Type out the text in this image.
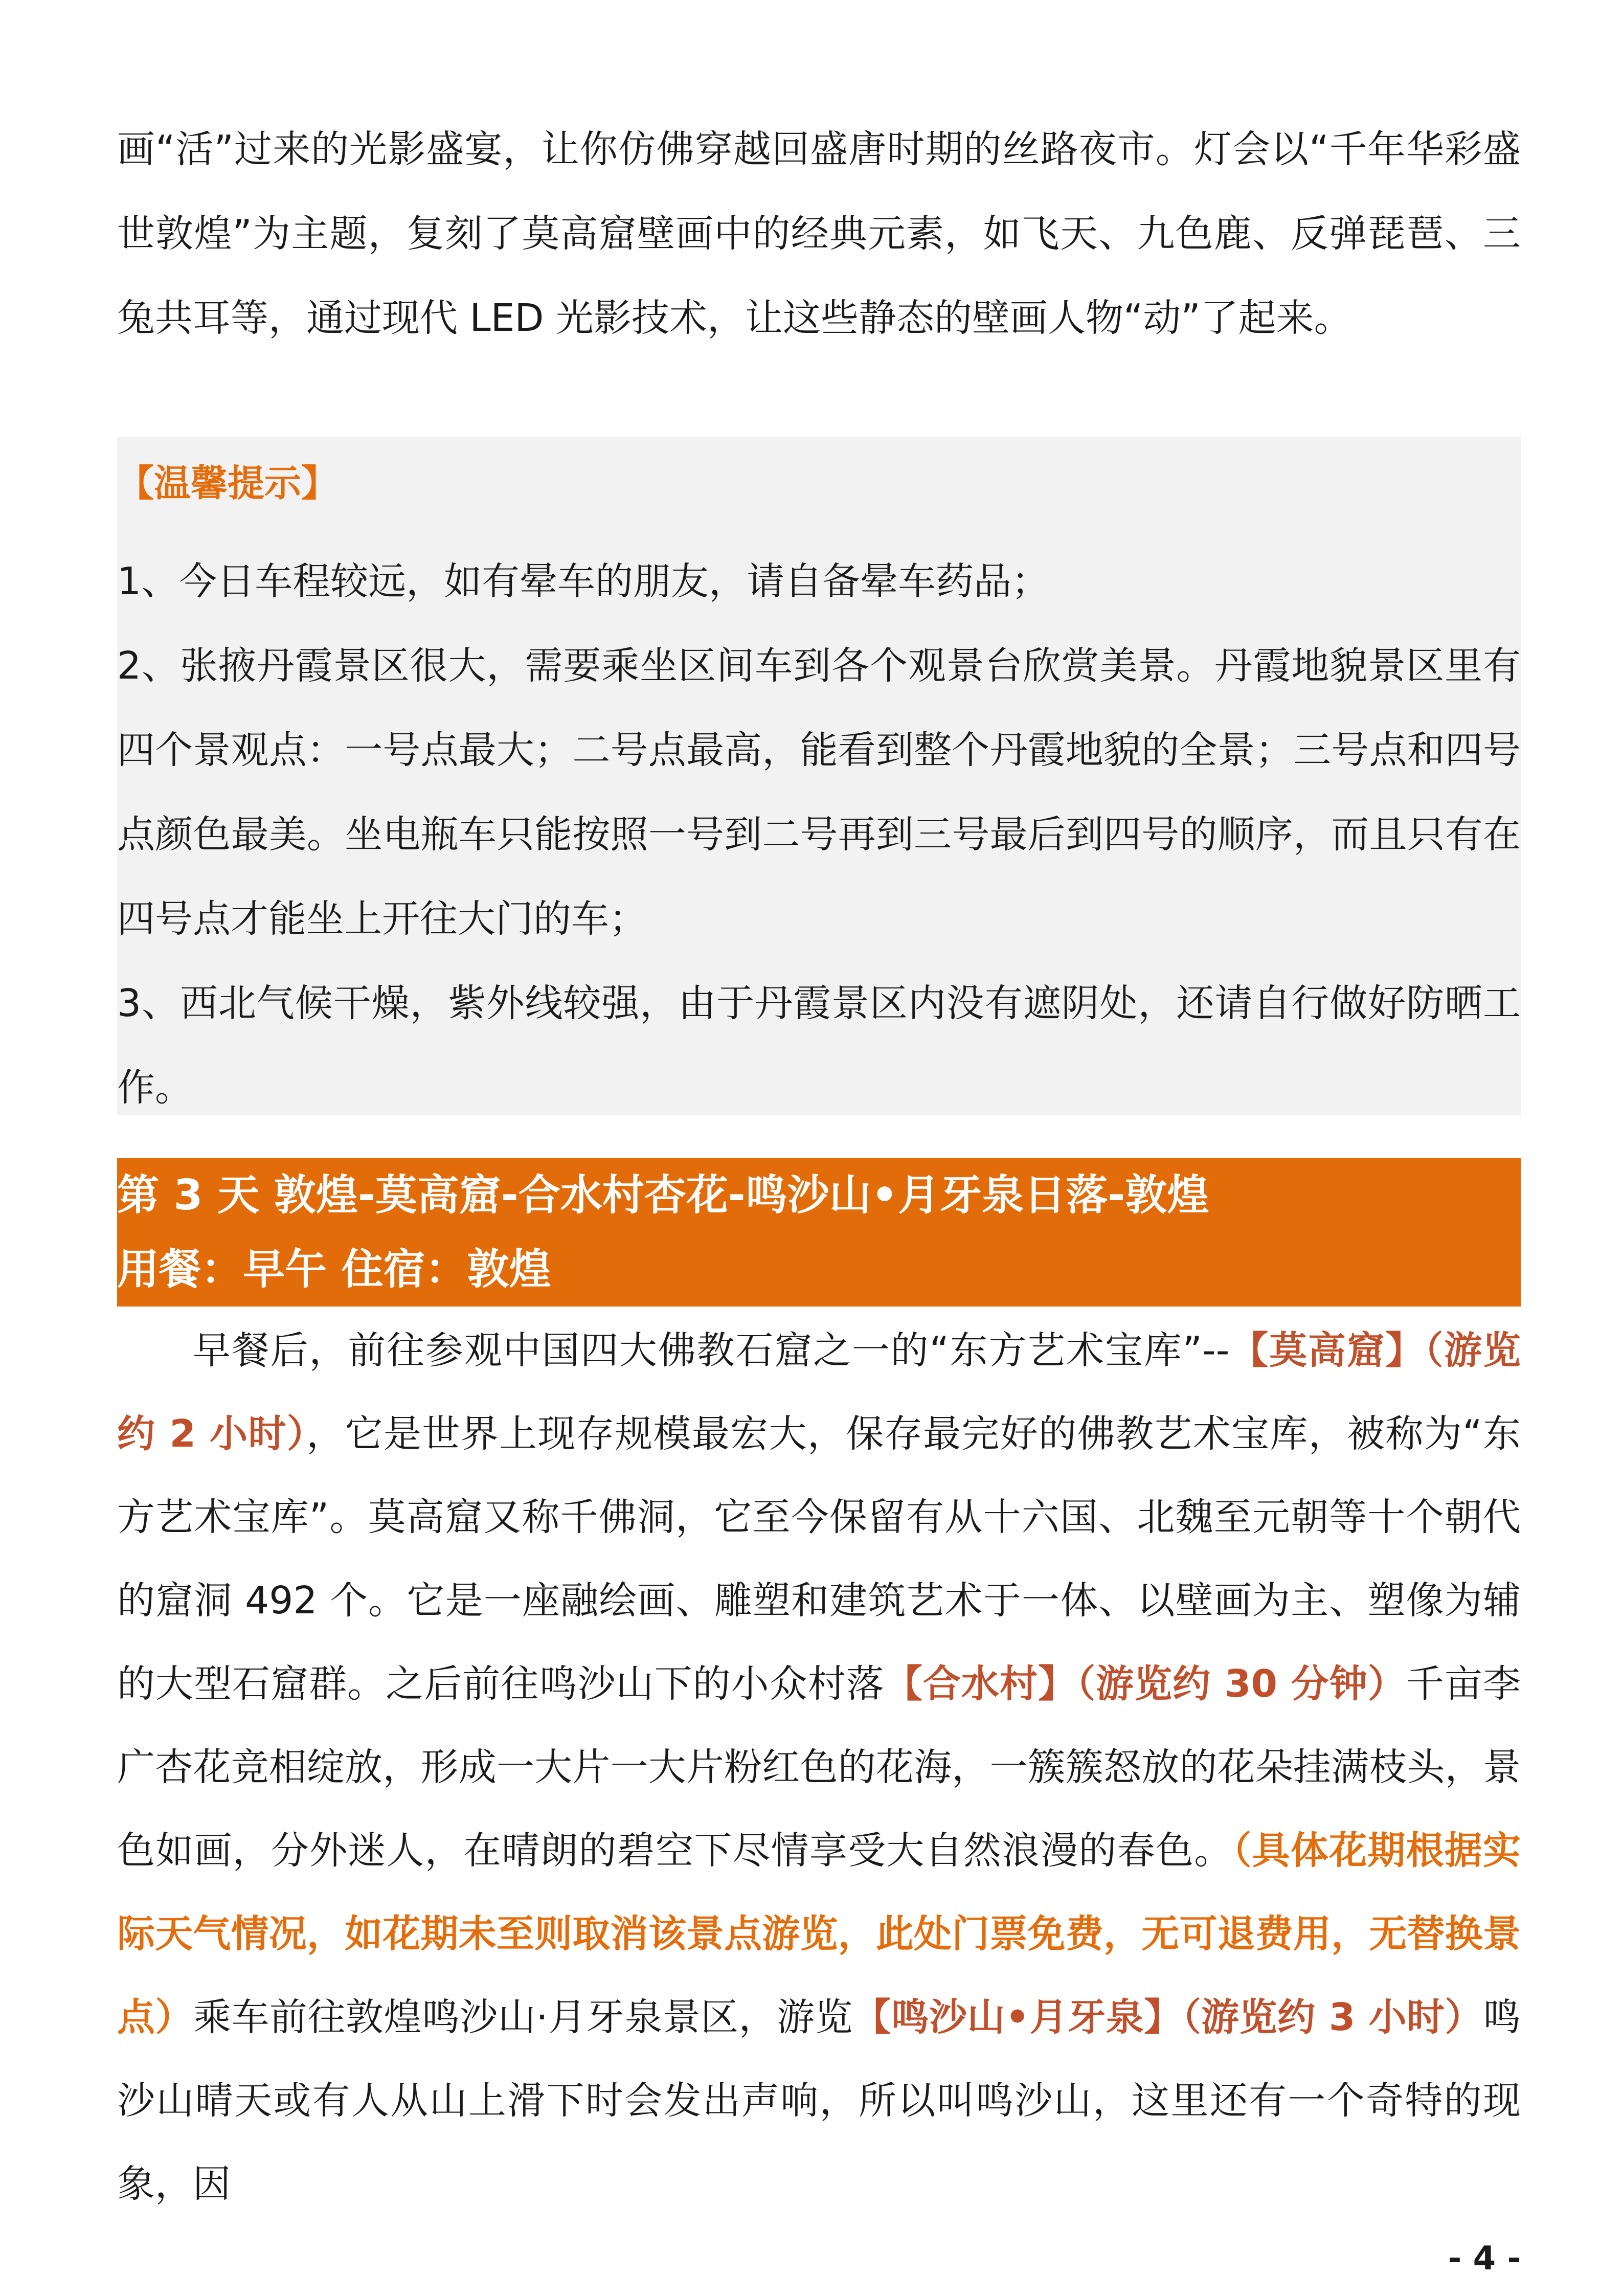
画“活”过来的光影盛宴，让你仿佛穿越回盛唐时期的丝路夜市。灯会以“千年华彩盛世敦煌”为主题，复刻了莫高窟壁画中的经典元素，如飞天、九色鹿、反弹琵琶、三兔共耳等，通过现代 LED 光影技术，让这些静态的壁画人物“动”了起来。

【温馨提示】

1、今日车程较远，如有晕车的朋友，请自备晕车药品；

2、张掖丹霞景区很大，需要乘坐区间车到各个观景台欣赏美景。丹霞地貌景区里有四个景观点：一号点最大；二号点最高，能看到整个丹霞地貌的全景；三号点和四号点颜色最美。坐电瓶车只能按照一号到二号再到三号最后到四号的顺序，而且只有在四号点才能坐上开往大门的车；

3、西北气候干燥，紫外线较强，由于丹霞景区内没有遮阴处，还请自行做好防晒工作。

第 3 天 敦煌-莫高窟-合水村杏花-鸣沙山•月牙泉日落-敦煌
用餐：早午 住宿：敦煌

早餐后，前往参观中国四大佛教石窟之一的“东方艺术宝库”--【莫高窟】（游览约 2 小时），它是世界上现存规模最宏大，保存最完好的佛教艺术宝库，被称为“东方艺术宝库”。莫高窟又称千佛洞，它至今保留有从十六国、北魏至元朝等十个朝代的窟洞 492 个。它是一座融绘画、雕塑和建筑艺术于一体、以壁画为主、塑像为辅的大型石窟群。之后前往鸣沙山下的小众村落【合水村】（游览约 30 分钟）千亩李广杏花竞相绽放，形成一大片一大片粉红色的花海，一簇簇怒放的花朵挂满枝头，景色如画，分外迷人，在晴朗的碧空下尽情享受大自然浪漫的春色。（具体花期根据实际天气情况，如花期未至则取消该景点游览，此处门票免费，无可退费用，无替换景点）乘车前往敦煌鸣沙山·月牙泉景区，游览【鸣沙山•月牙泉】（游览约 3 小时）鸣沙山晴天或有人从山上滑下时会发出声响，所以叫鸣沙山，这里还有一个奇特的现象，因

- 4 -
